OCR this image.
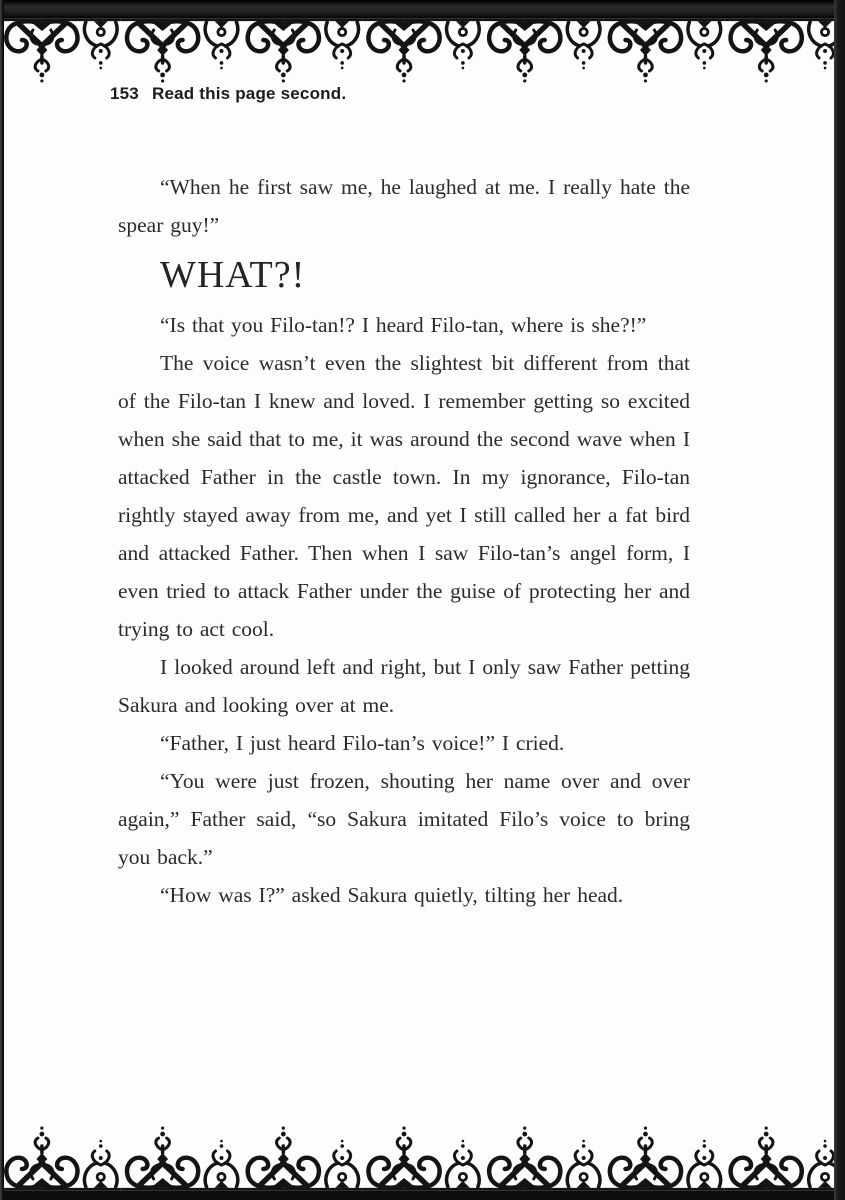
153 Read this page second.

“When he first saw me, he laughed at me. I really hate the spear guy!”

WHAT?!

“Is that you Filo-tan!? I heard Filo-tan, where is she?!”

The voice wasn’t even the slightest bit different from that of the Filo-tan I knew and loved. I remember getting so excited when she said that to me, it was around the second wave when I attacked Father in the castle town. In my ignorance, Filo-tan rightly stayed away from me, and yet I still called her a fat bird and attacked Father. Then when I saw Filo-tan’s angel form, I even tried to attack Father under the guise of protecting her and trying to act cool.

I looked around left and right, but I only saw Father petting Sakura and looking over at me.

“Father, I just heard Filo-tan’s voice!” I cried.

“You were just frozen, shouting her name over and over again,” Father said, “so Sakura imitated Filo’s voice to bring you back.”

“How was I?” asked Sakura quietly, tilting her head.
